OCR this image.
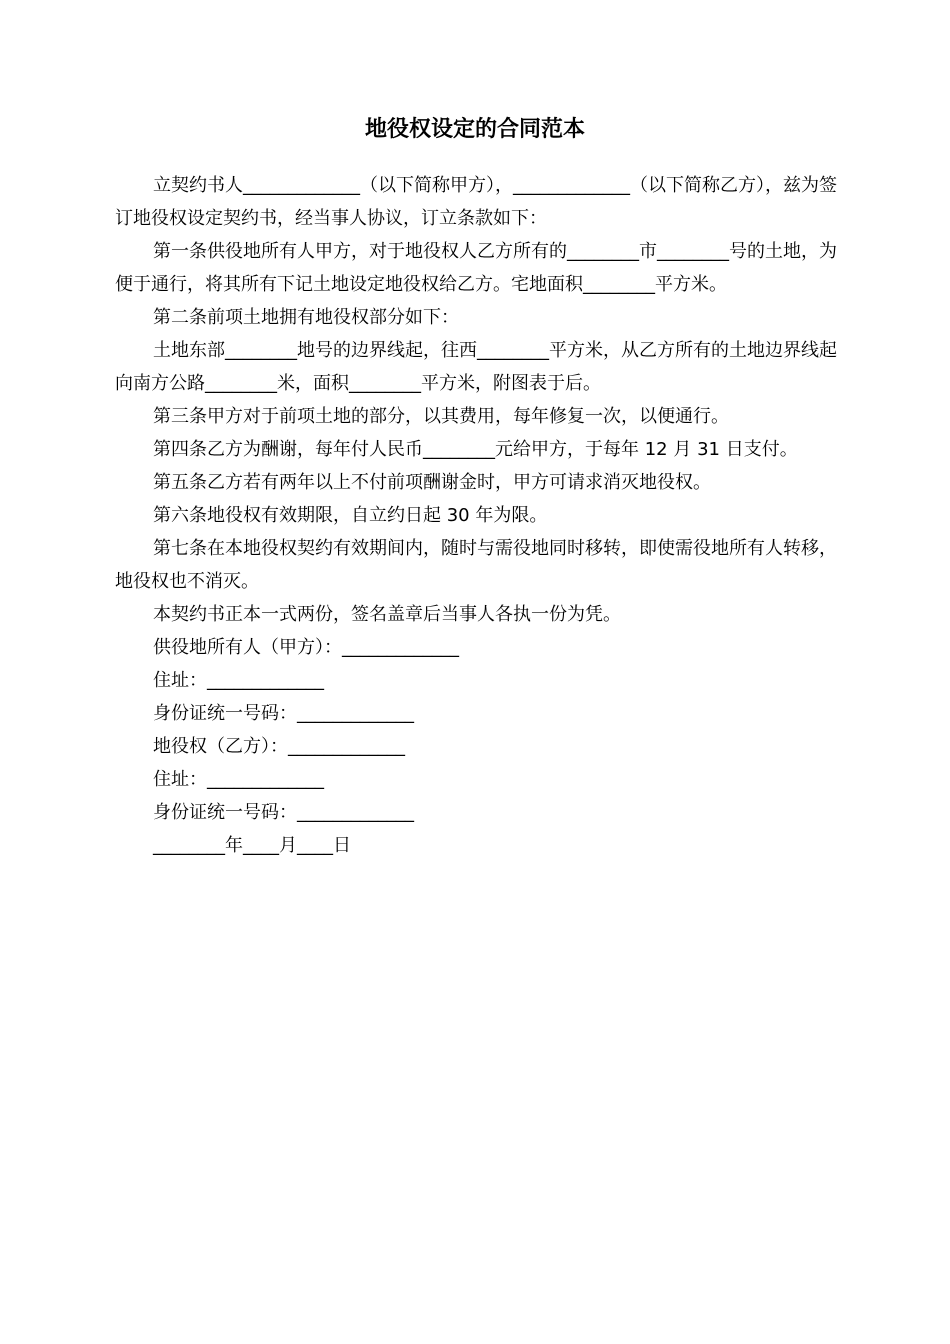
地役权设定的合同范本

立契约书人_____________（以下简称甲方），_____________（以下简称乙方），兹为签订地役权设定契约书，经当事人协议，订立条款如下：

第一条供役地所有人甲方，对于地役权人乙方所有的________市________号的土地，为便于通行，将其所有下记土地设定地役权给乙方。宅地面积________平方米。

第二条前项土地拥有地役权部分如下：

土地东部________地号的边界线起，往西________平方米，从乙方所有的土地边界线起向南方公路________米，面积________平方米，附图表于后。

第三条甲方对于前项土地的部分，以其费用，每年修复一次，以便通行。

第四条乙方为酬谢，每年付人民币________元给甲方，于每年 12 月 31 日支付。

第五条乙方若有两年以上不付前项酬谢金时，甲方可请求消灭地役权。

第六条地役权有效期限，自立约日起 30 年为限。

第七条在本地役权契约有效期间内，随时与需役地同时移转，即使需役地所有人转移，地役权也不消灭。

本契约书正本一式两份，签名盖章后当事人各执一份为凭。

供役地所有人（甲方）：_____________

住址：_____________

身份证统一号码：_____________

地役权（乙方）：_____________

住址：_____________

身份证统一号码：_____________

________年____月____日
